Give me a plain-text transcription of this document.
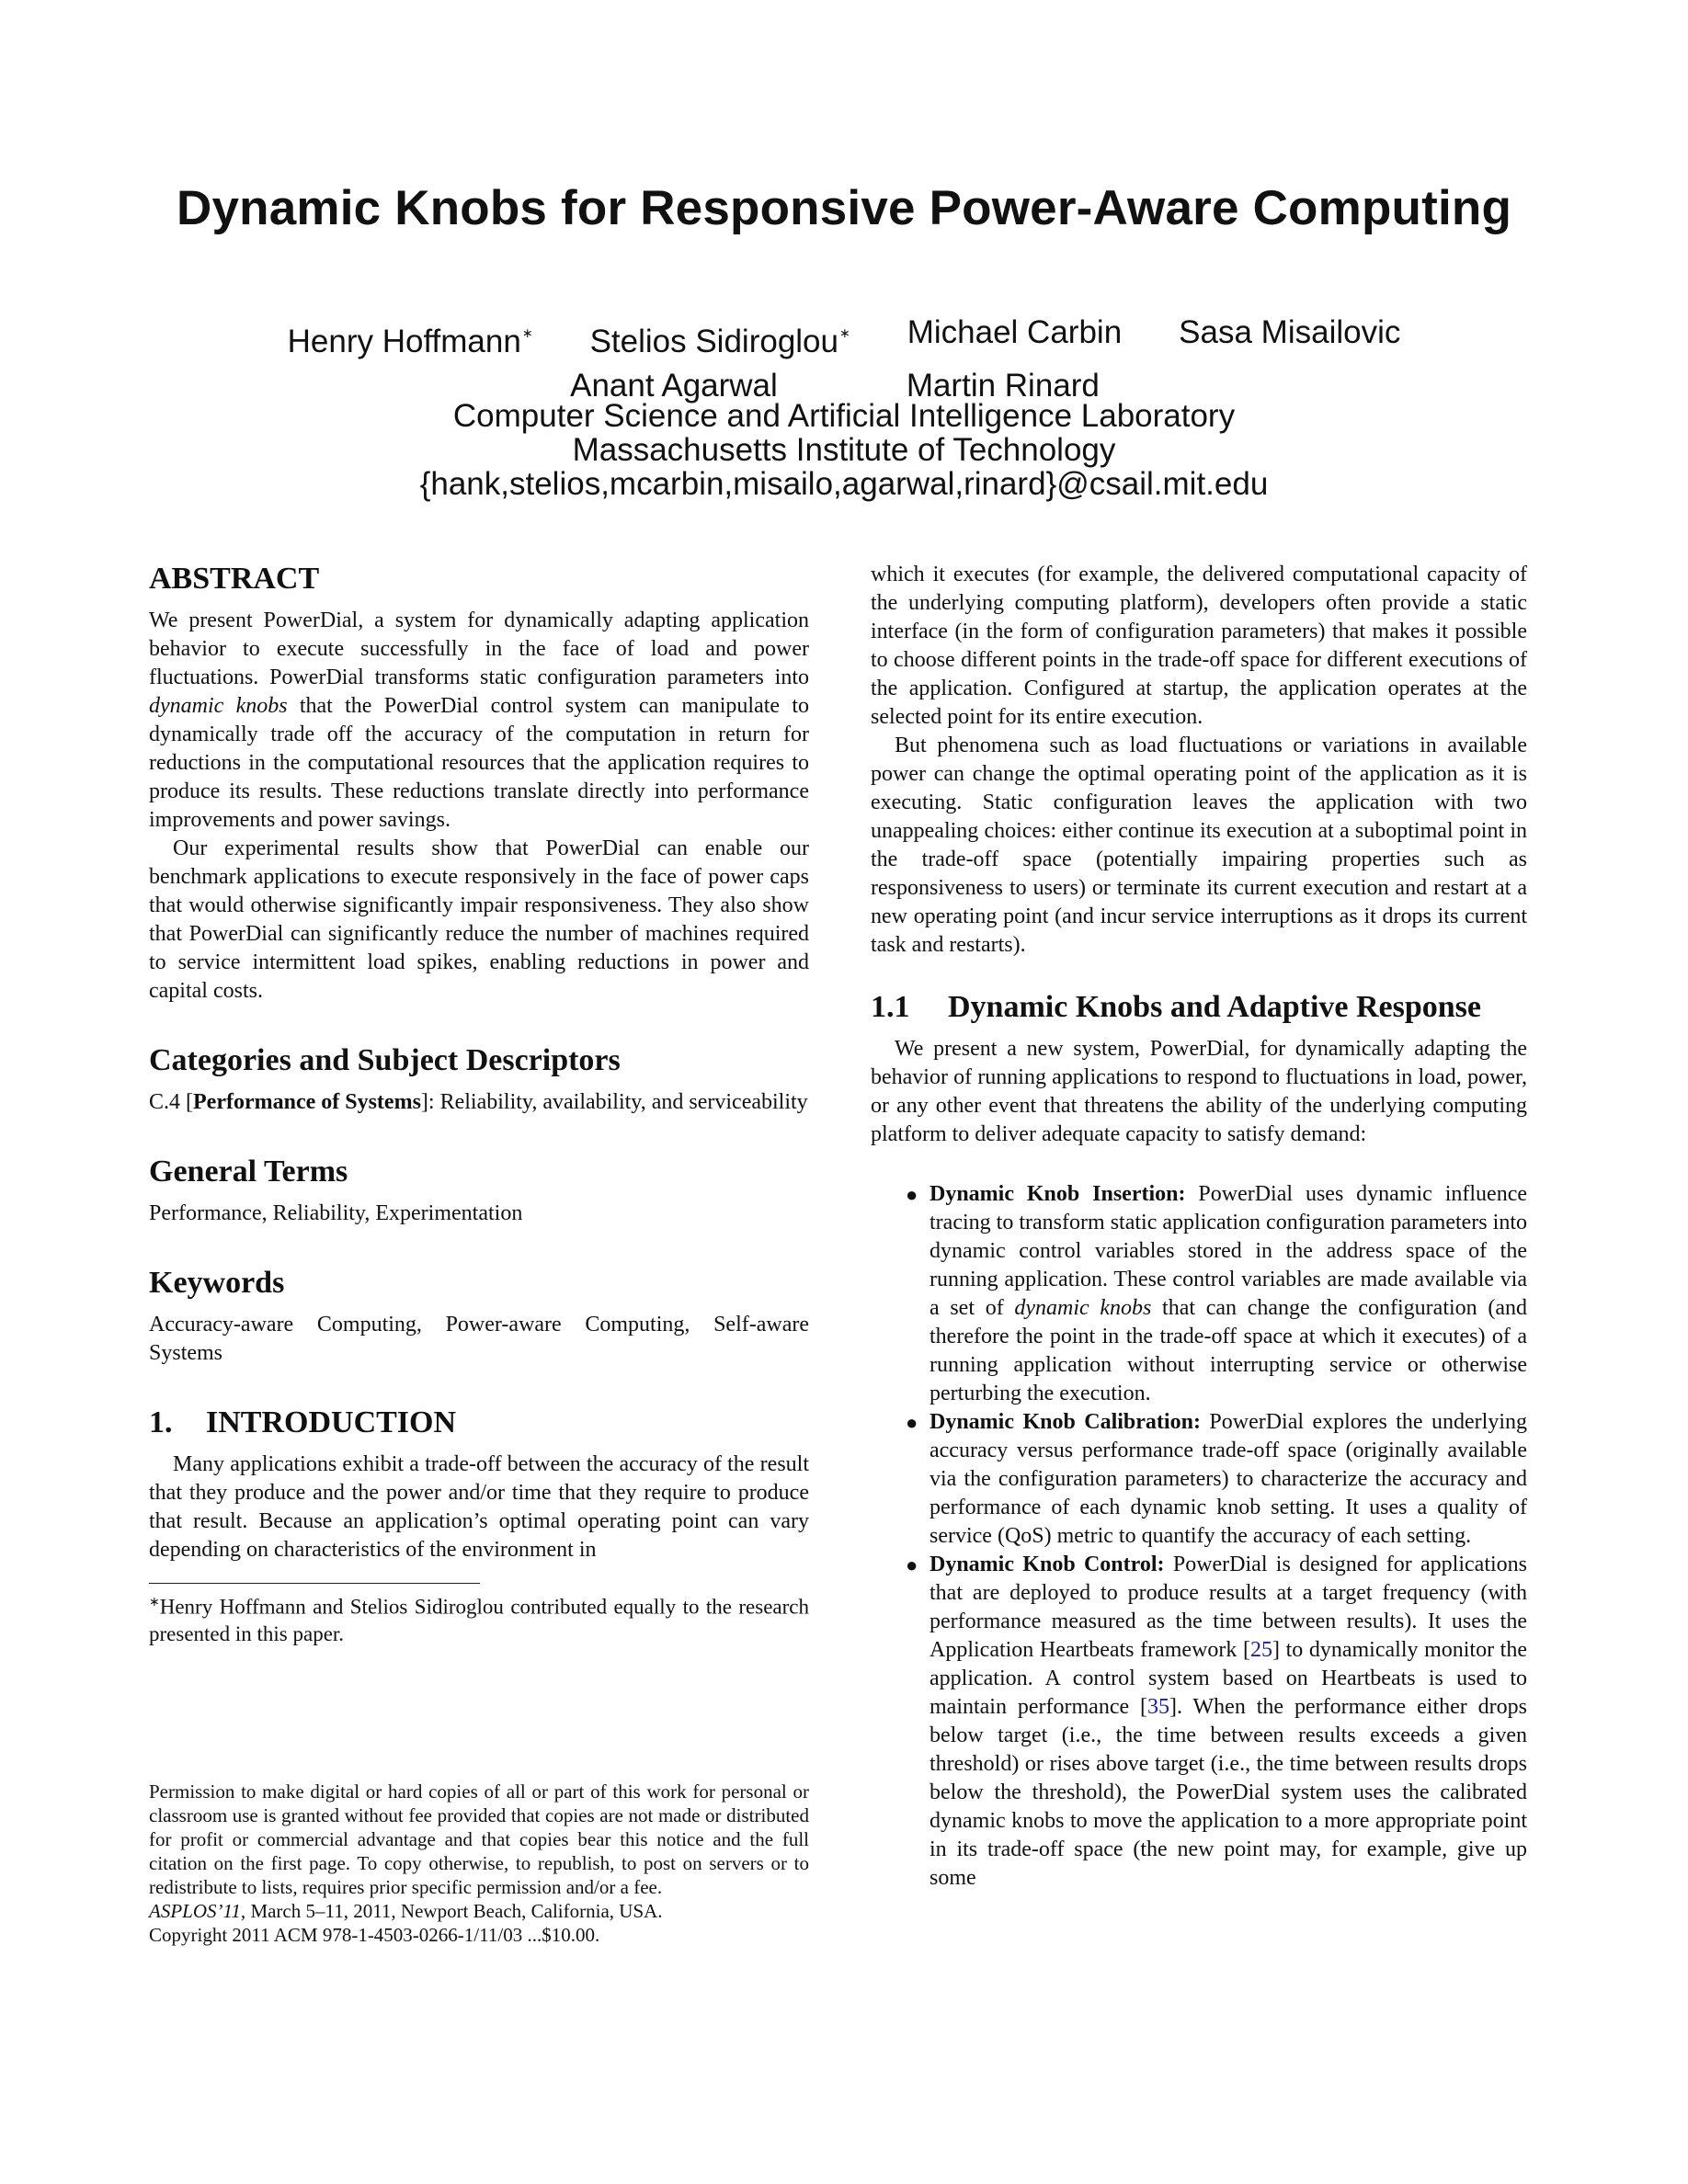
Dynamic Knobs for Responsive Power-Aware Computing
Henry Hoffmann∗ Stelios Sidiroglou∗ Michael Carbin Sasa Misailovic
Anant Agarwal	Martin Rinard
Computer Science and Artificial Intelligence Laboratory
Massachusetts Institute of Technology
{hank,stelios,mcarbin,misailo,agarwal,rinard}@csail.mit.edu
ABSTRACT

We present PowerDial, a system for dynamically adapting application behavior to execute successfully in the face of load and power fluctuations. PowerDial transforms static configuration parameters into dynamic knobs that the PowerDial control system can manipulate to dynamically trade off the accuracy of the computation in return for reductions in the computational resources that the application requires to produce its results. These reductions translate directly into performance improvements and power savings.

Our experimental results show that PowerDial can enable our benchmark applications to execute responsively in the face of power caps that would otherwise significantly impair responsiveness. They also show that PowerDial can significantly reduce the number of machines required to service intermittent load spikes, enabling reductions in power and capital costs.

Categories and Subject Descriptors

C.4 [Performance of Systems]: Reliability, availability, and serviceability

General Terms

Performance, Reliability, Experimentation

Keywords

Accuracy-aware Computing, Power-aware Computing, Self-aware Systems

1. INTRODUCTION

Many applications exhibit a trade-off between the accuracy of the result that they produce and the power and/or time that they require to produce that result. Because an application’s optimal operating point can vary depending on characteristics of the environment in

∗Henry Hoffmann and Stelios Sidiroglou contributed equally to the research presented in this paper.

Permission to make digital or hard copies of all or part of this work for personal or classroom use is granted without fee provided that copies are not made or distributed for profit or commercial advantage and that copies bear this notice and the full citation on the first page. To copy otherwise, to republish, to post on servers or to redistribute to lists, requires prior specific permission and/or a fee.

ASPLOS’11, March 5–11, 2011, Newport Beach, California, USA.
Copyright 2011 ACM 978-1-4503-0266-1/11/03 ...$10.00.

which it executes (for example, the delivered computational capacity of the underlying computing platform), developers often provide a static interface (in the form of configuration parameters) that makes it possible to choose different points in the trade-off space for different executions of the application. Configured at startup, the application operates at the selected point for its entire execution.

But phenomena such as load fluctuations or variations in available power can change the optimal operating point of the application as it is executing. Static configuration leaves the application with two unappealing choices: either continue its execution at a suboptimal point in the trade-off space (potentially impairing properties such as responsiveness to users) or terminate its current execution and restart at a new operating point (and incur service interruptions as it drops its current task and restarts).

1.1 Dynamic Knobs and Adaptive Response

We present a new system, PowerDial, for dynamically adapting the behavior of running applications to respond to fluctuations in load, power, or any other event that threatens the ability of the underlying computing platform to deliver adequate capacity to satisfy demand:

● Dynamic Knob Insertion: PowerDial uses dynamic influence tracing to transform static application configuration parameters into dynamic control variables stored in the address space of the running application. These control variables are made available via a set of dynamic knobs that can change the configuration (and therefore the point in the trade-off space at which it executes) of a running application without interrupting service or otherwise perturbing the execution.
● Dynamic Knob Calibration: PowerDial explores the underlying accuracy versus performance trade-off space (originally available via the configuration parameters) to characterize the accuracy and performance of each dynamic knob setting. It uses a quality of service (QoS) metric to quantify the accuracy of each setting.
● Dynamic Knob Control: PowerDial is designed for applications that are deployed to produce results at a target frequency (with performance measured as the time between results). It uses the Application Heartbeats framework [25] to dynamically monitor the application. A control system based on Heartbeats is used to maintain performance [35]. When the performance either drops below target (i.e., the time between results exceeds a given threshold) or rises above target (i.e., the time between results drops below the threshold), the PowerDial system uses the calibrated dynamic knobs to move the application to a more appropriate point in its trade-off space (the new point may, for example, give up some
